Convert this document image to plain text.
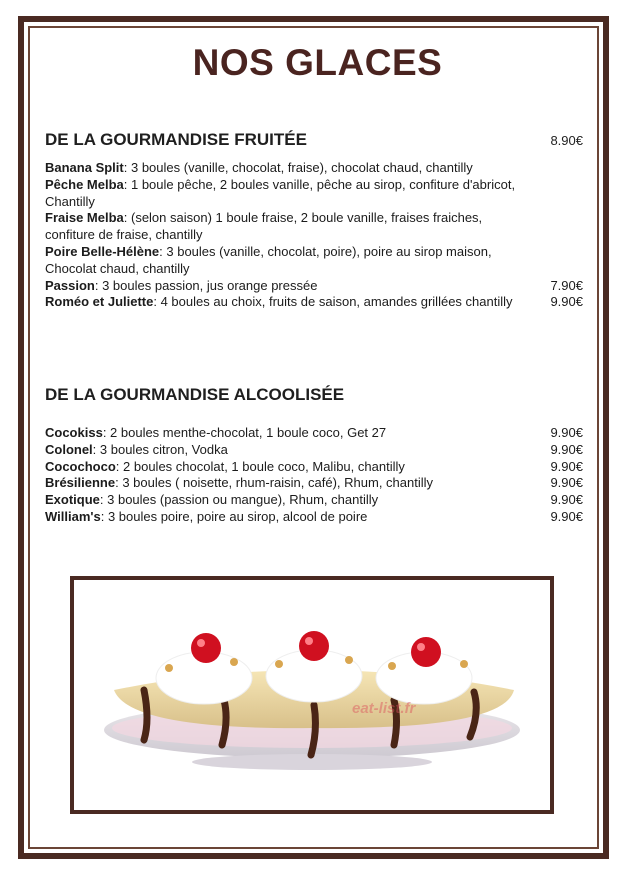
NOS GLACES
DE LA GOURMANDISE FRUITÉE	8.90€
Banana Split: 3 boules (vanille, chocolat, fraise), chocolat chaud, chantilly
Pêche Melba: 1 boule pêche, 2 boules vanille, pêche au sirop, confiture d'abricot, Chantilly
Fraise Melba: (selon saison) 1 boule fraise, 2 boule vanille, fraises fraiches, confiture de fraise, chantilly
Poire Belle-Hélène: 3 boules (vanille, chocolat, poire), poire au sirop maison, Chocolat chaud, chantilly
Passion: 3 boules passion, jus orange pressée	7.90€
Roméo et Juliette: 4 boules au choix, fruits de saison, amandes grillées chantilly	9.90€
DE LA GOURMANDISE ALCOOLISÉE
Cocokiss: 2 boules menthe-chocolat, 1 boule coco, Get 27	9.90€
Colonel: 3 boules citron, Vodka	9.90€
Cocochoco: 2 boules chocolat, 1 boule coco, Malibu, chantilly	9.90€
Brésilienne: 3 boules ( noisette, rhum-raisin, café), Rhum, chantilly	9.90€
Exotique: 3 boules (passion ou mangue), Rhum, chantilly	9.90€
William's: 3 boules poire, poire au sirop, alcool de poire	9.90€
eat-list.fr
